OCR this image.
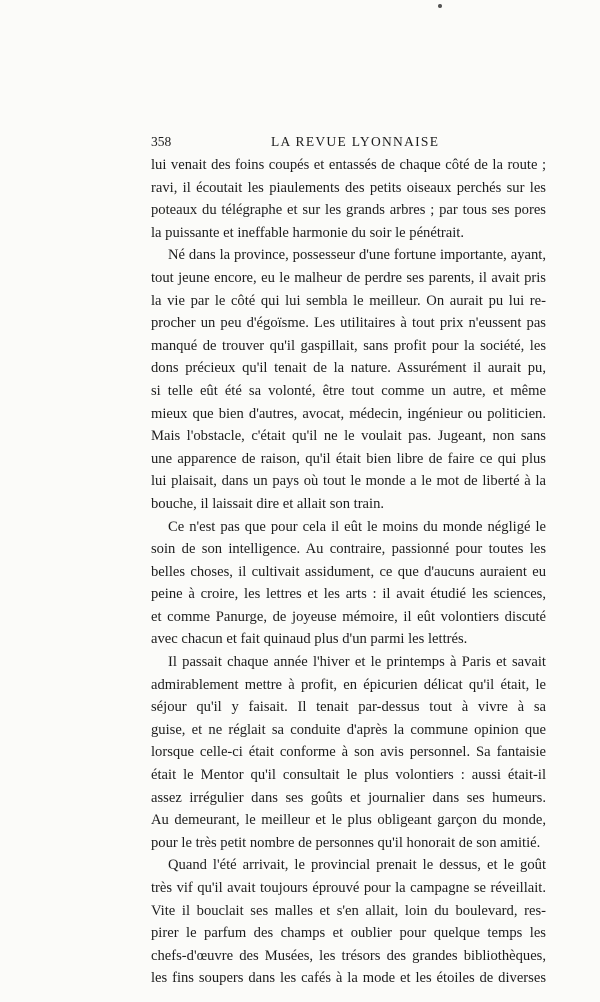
358	LA REVUE LYONNAISE
lui venait des foins coupés et entassés de chaque côté de la route ;
ravi, il écoutait les piaulements des petits oiseaux perchés sur les
poteaux du télégraphe et sur les grands arbres ; par tous ses pores
la puissante et ineffable harmonie du soir le pénétrait.
Né dans la province, possesseur d'une fortune importante, ayant,
tout jeune encore, eu le malheur de perdre ses parents, il avait pris
la vie par le côté qui lui sembla le meilleur. On aurait pu lui re-
procher un peu d'égoïsme. Les utilitaires à tout prix n'eussent pas
manqué de trouver qu'il gaspillait, sans profit pour la société, les
dons précieux qu'il tenait de la nature. Assurément il aurait pu,
si telle eût été sa volonté, être tout comme un autre, et même
mieux que bien d'autres, avocat, médecin, ingénieur ou politicien.
Mais l'obstacle, c'était qu'il ne le voulait pas. Jugeant, non sans
une apparence de raison, qu'il était bien libre de faire ce qui plus
lui plaisait, dans un pays où tout le monde a le mot de liberté à la
bouche, il laissait dire et allait son train.
Ce n'est pas que pour cela il eût le moins du monde négligé le
soin de son intelligence. Au contraire, passionné pour toutes les
belles choses, il cultivait assidument, ce que d'aucuns auraient eu
peine à croire, les lettres et les arts : il avait étudié les sciences,
et comme Panurge, de joyeuse mémoire, il eût volontiers discuté
avec chacun et fait quinaud plus d'un parmi les lettrés.
Il passait chaque année l'hiver et le printemps à Paris et savait
admirablement mettre à profit, en épicurien délicat qu'il était, le
séjour qu'il y faisait. Il tenait par-dessus tout à vivre à sa
guise, et ne réglait sa conduite d'après la commune opinion que
lorsque celle-ci était conforme à son avis personnel. Sa fantaisie
était le Mentor qu'il consultait le plus volontiers : aussi était-il
assez irrégulier dans ses goûts et journalier dans ses humeurs.
Au demeurant, le meilleur et le plus obligeant garçon du monde,
pour le très petit nombre de personnes qu'il honorait de son amitié.
Quand l'été arrivait, le provincial prenait le dessus, et le goût
très vif qu'il avait toujours éprouvé pour la campagne se réveillait.
Vite il bouclait ses malles et s'en allait, loin du boulevard, res-
pirer le parfum des champs et oublier pour quelque temps les
chefs-d'œuvre des Musées, les trésors des grandes bibliothèques,
les fins soupers dans les cafés à la mode et les étoiles de diverses
